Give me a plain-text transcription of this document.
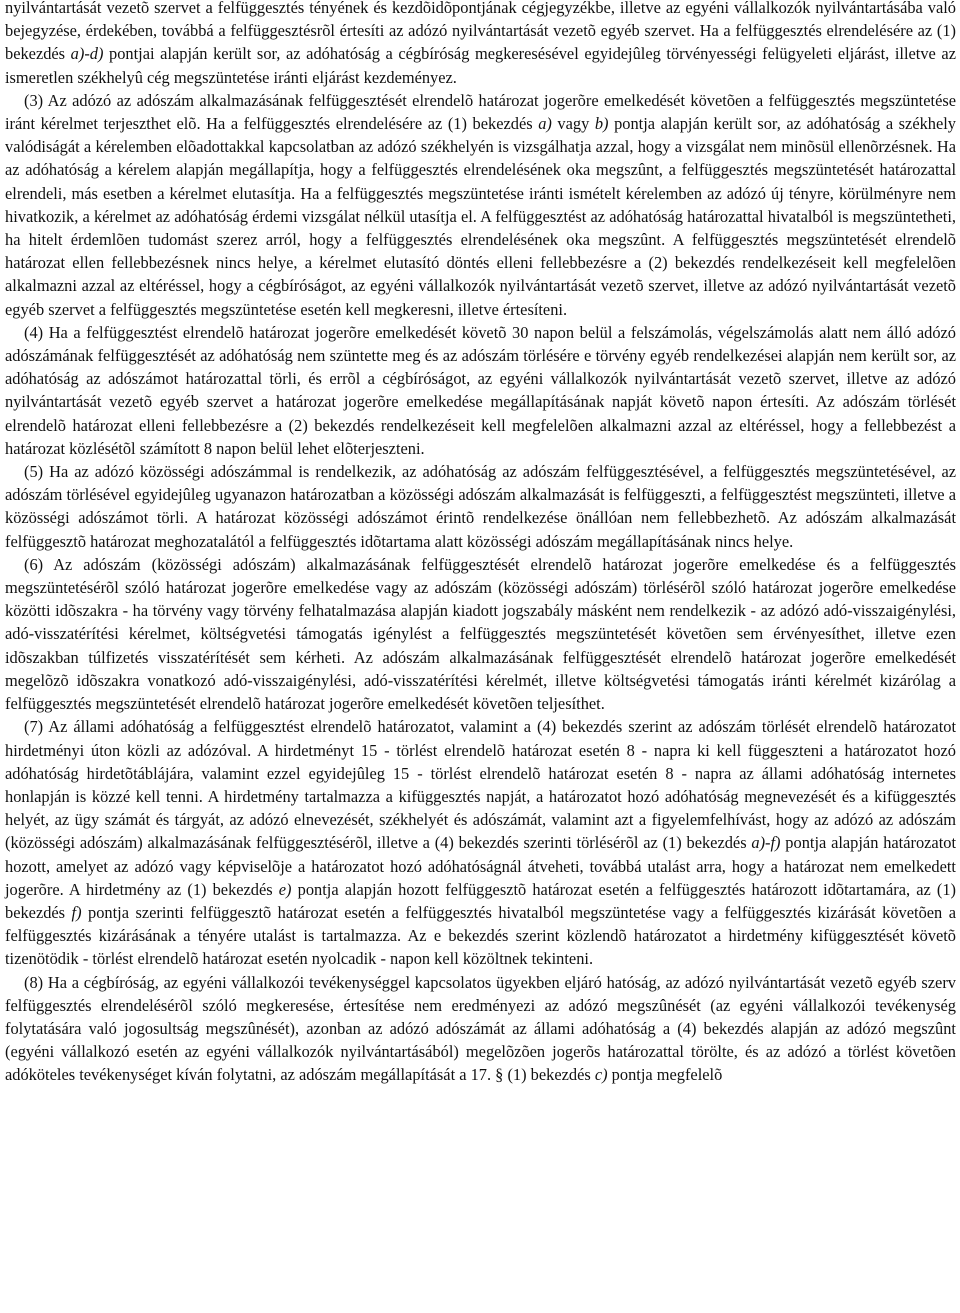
nyilvántartását vezetõ szervet a felfüggesztés tényének és kezdõidõpontjának cégjegyzékbe, illetve az egyéni vállalkozók nyilvántartásába való bejegyzése, érdekében, továbbá a felfüggesztésrõl értesíti az adózó nyilvántartását vezetõ egyéb szervet. Ha a felfüggesztés elrendelésére az (1) bekezdés a)-d) pontjai alapján került sor, az adóhatóság a cégbíróság megkeresésével egyidejûleg törvényességi felügyeleti eljárást, illetve az ismeretlen székhelyû cég megszüntetése iránti eljárást kezdeményez.

(3) Az adózó az adószám alkalmazásának felfüggesztését elrendelõ határozat jogerõre emelkedését követõen a felfüggesztés megszüntetése iránt kérelmet terjeszthet elõ. Ha a felfüggesztés elrendelésére az (1) bekezdés a) vagy b) pontja alapján került sor, az adóhatóság a székhely valódiságát a kérelemben elõadottakkal kapcsolatban az adózó székhelyén is vizsgálhatja azzal, hogy a vizsgálat nem minõsül ellenõrzésnek. Ha az adóhatóság a kérelem alapján megállapítja, hogy a felfüggesztés elrendelésének oka megszûnt, a felfüggesztés megszüntetését határozattal elrendeli, más esetben a kérelmet elutasítja. Ha a felfüggesztés megszüntetése iránti ismételt kérelemben az adózó új tényre, körülményre nem hivatkozik, a kérelmet az adóhatóság érdemi vizsgálat nélkül utasítja el. A felfüggesztést az adóhatóság határozattal hivatalból is megszüntetheti, ha hitelt érdemlõen tudomást szerez arról, hogy a felfüggesztés elrendelésének oka megszûnt. A felfüggesztés megszüntetését elrendelõ határozat ellen fellebbezésnek nincs helye, a kérelmet elutasító döntés elleni fellebbezésre a (2) bekezdés rendelkezéseit kell megfelelõen alkalmazni azzal az eltéréssel, hogy a cégbíróságot, az egyéni vállalkozók nyilvántartását vezetõ szervet, illetve az adózó nyilvántartását vezetõ egyéb szervet a felfüggesztés megszüntetése esetén kell megkeresni, illetve értesíteni.

(4) Ha a felfüggesztést elrendelõ határozat jogerõre emelkedését követõ 30 napon belül a felszámolás, végelszámolás alatt nem álló adózó adószámának felfüggesztését az adóhatóság nem szüntette meg és az adószám törlésére e törvény egyéb rendelkezései alapján nem került sor, az adóhatóság az adószámot határozattal törli, és errõl a cégbíróságot, az egyéni vállalkozók nyilvántartását vezetõ szervet, illetve az adózó nyilvántartását vezetõ egyéb szervet a határozat jogerõre emelkedése megállapításának napját követõ napon értesíti. Az adószám törlését elrendelõ határozat elleni fellebbezésre a (2) bekezdés rendelkezéseit kell megfelelõen alkalmazni azzal az eltéréssel, hogy a fellebbezést a határozat közlésétõl számított 8 napon belül lehet elõterjeszteni.

(5) Ha az adózó közösségi adószámmal is rendelkezik, az adóhatóság az adószám felfüggesztésével, a felfüggesztés megszüntetésével, az adószám törlésével egyidejûleg ugyanazon határozatban a közösségi adószám alkalmazását is felfüggeszti, a felfüggesztést megszünteti, illetve a közösségi adószámot törli. A határozat közösségi adószámot érintõ rendelkezése önállóan nem fellebbezhetõ. Az adószám alkalmazását felfüggesztõ határozat meghozatalától a felfüggesztés idõtartama alatt közösségi adószám megállapításának nincs helye.

(6) Az adószám (közösségi adószám) alkalmazásának felfüggesztését elrendelõ határozat jogerõre emelkedése és a felfüggesztés megszüntetésérõl szóló határozat jogerõre emelkedése vagy az adószám (közösségi adószám) törlésérõl szóló határozat jogerõre emelkedése közötti idõszakra - ha törvény vagy törvény felhatalmazása alapján kiadott jogszabály másként nem rendelkezik - az adózó adó-visszaigénylési, adó-visszatérítési kérelmet, költségvetési támogatás igénylést a felfüggesztés megszüntetését követõen sem érvényesíthet, illetve ezen idõszakban túlfizetés visszatérítését sem kérheti. Az adószám alkalmazásának felfüggesztését elrendelõ határozat jogerõre emelkedését megelõzõ idõszakra vonatkozó adó-visszaigénylési, adó-visszatérítési kérelmét, illetve költségvetési támogatás iránti kérelmét kizárólag a felfüggesztés megszüntetését elrendelõ határozat jogerõre emelkedését követõen teljesíthet.

(7) Az állami adóhatóság a felfüggesztést elrendelõ határozatot, valamint a (4) bekezdés szerint az adószám törlését elrendelõ határozatot hirdetményi úton közli az adózóval. A hirdetményt 15 - törlést elrendelõ határozat esetén 8 - napra ki kell függeszteni a határozatot hozó adóhatóság hirdetõtáblájára, valamint ezzel egyidejûleg 15 - törlést elrendelõ határozat esetén 8 - napra az állami adóhatóság internetes honlapján is közzé kell tenni. A hirdetmény tartalmazza a kifüggesztés napját, a határozatot hozó adóhatóság megnevezését és a kifüggesztés helyét, az ügy számát és tárgyát, az adózó elnevezését, székhelyét és adószámát, valamint azt a figyelemfelhívást, hogy az adózó az adószám (közösségi adószám) alkalmazásának felfüggesztésérõl, illetve a (4) bekezdés szerinti törlésérõl az (1) bekezdés a)-f) pontja alapján határozatot hozott, amelyet az adózó vagy képviselõje a határozatot hozó adóhatóságnál átveheti, továbbá utalást arra, hogy a határozat nem emelkedett jogerõre. A hirdetmény az (1) bekezdés e) pontja alapján hozott felfüggesztõ határozat esetén a felfüggesztés határozott idõtartamára, az (1) bekezdés f) pontja szerinti felfüggesztõ határozat esetén a felfüggesztés hivatalból megszüntetése vagy a felfüggesztés kizárását követõen a felfüggesztés kizárásának a tényére utalást is tartalmazza. Az e bekezdés szerint közlendõ határozatot a hirdetmény kifüggesztését követõ tizenötödik - törlést elrendelõ határozat esetén nyolcadik - napon kell közöltnek tekinteni.

(8) Ha a cégbíróság, az egyéni vállalkozói tevékenységgel kapcsolatos ügyekben eljáró hatóság, az adózó nyilvántartását vezetõ egyéb szerv felfüggesztés elrendelésérõl szóló megkeresése, értesítése nem eredményezi az adózó megszûnését (az egyéni vállalkozói tevékenység folytatására való jogosultság megszûnését), azonban az adózó adószámát az állami adóhatóság a (4) bekezdés alapján az adózó megszûnt (egyéni vállalkozó esetén az egyéni vállalkozók nyilvántartásából) megelõzõen jogerõs határozattal törölte, és az adózó a törlést követõen adóköteles tevékenységet kíván folytatni, az adószám megállapítását a 17. § (1) bekezdés c) pontja megfelelõ
